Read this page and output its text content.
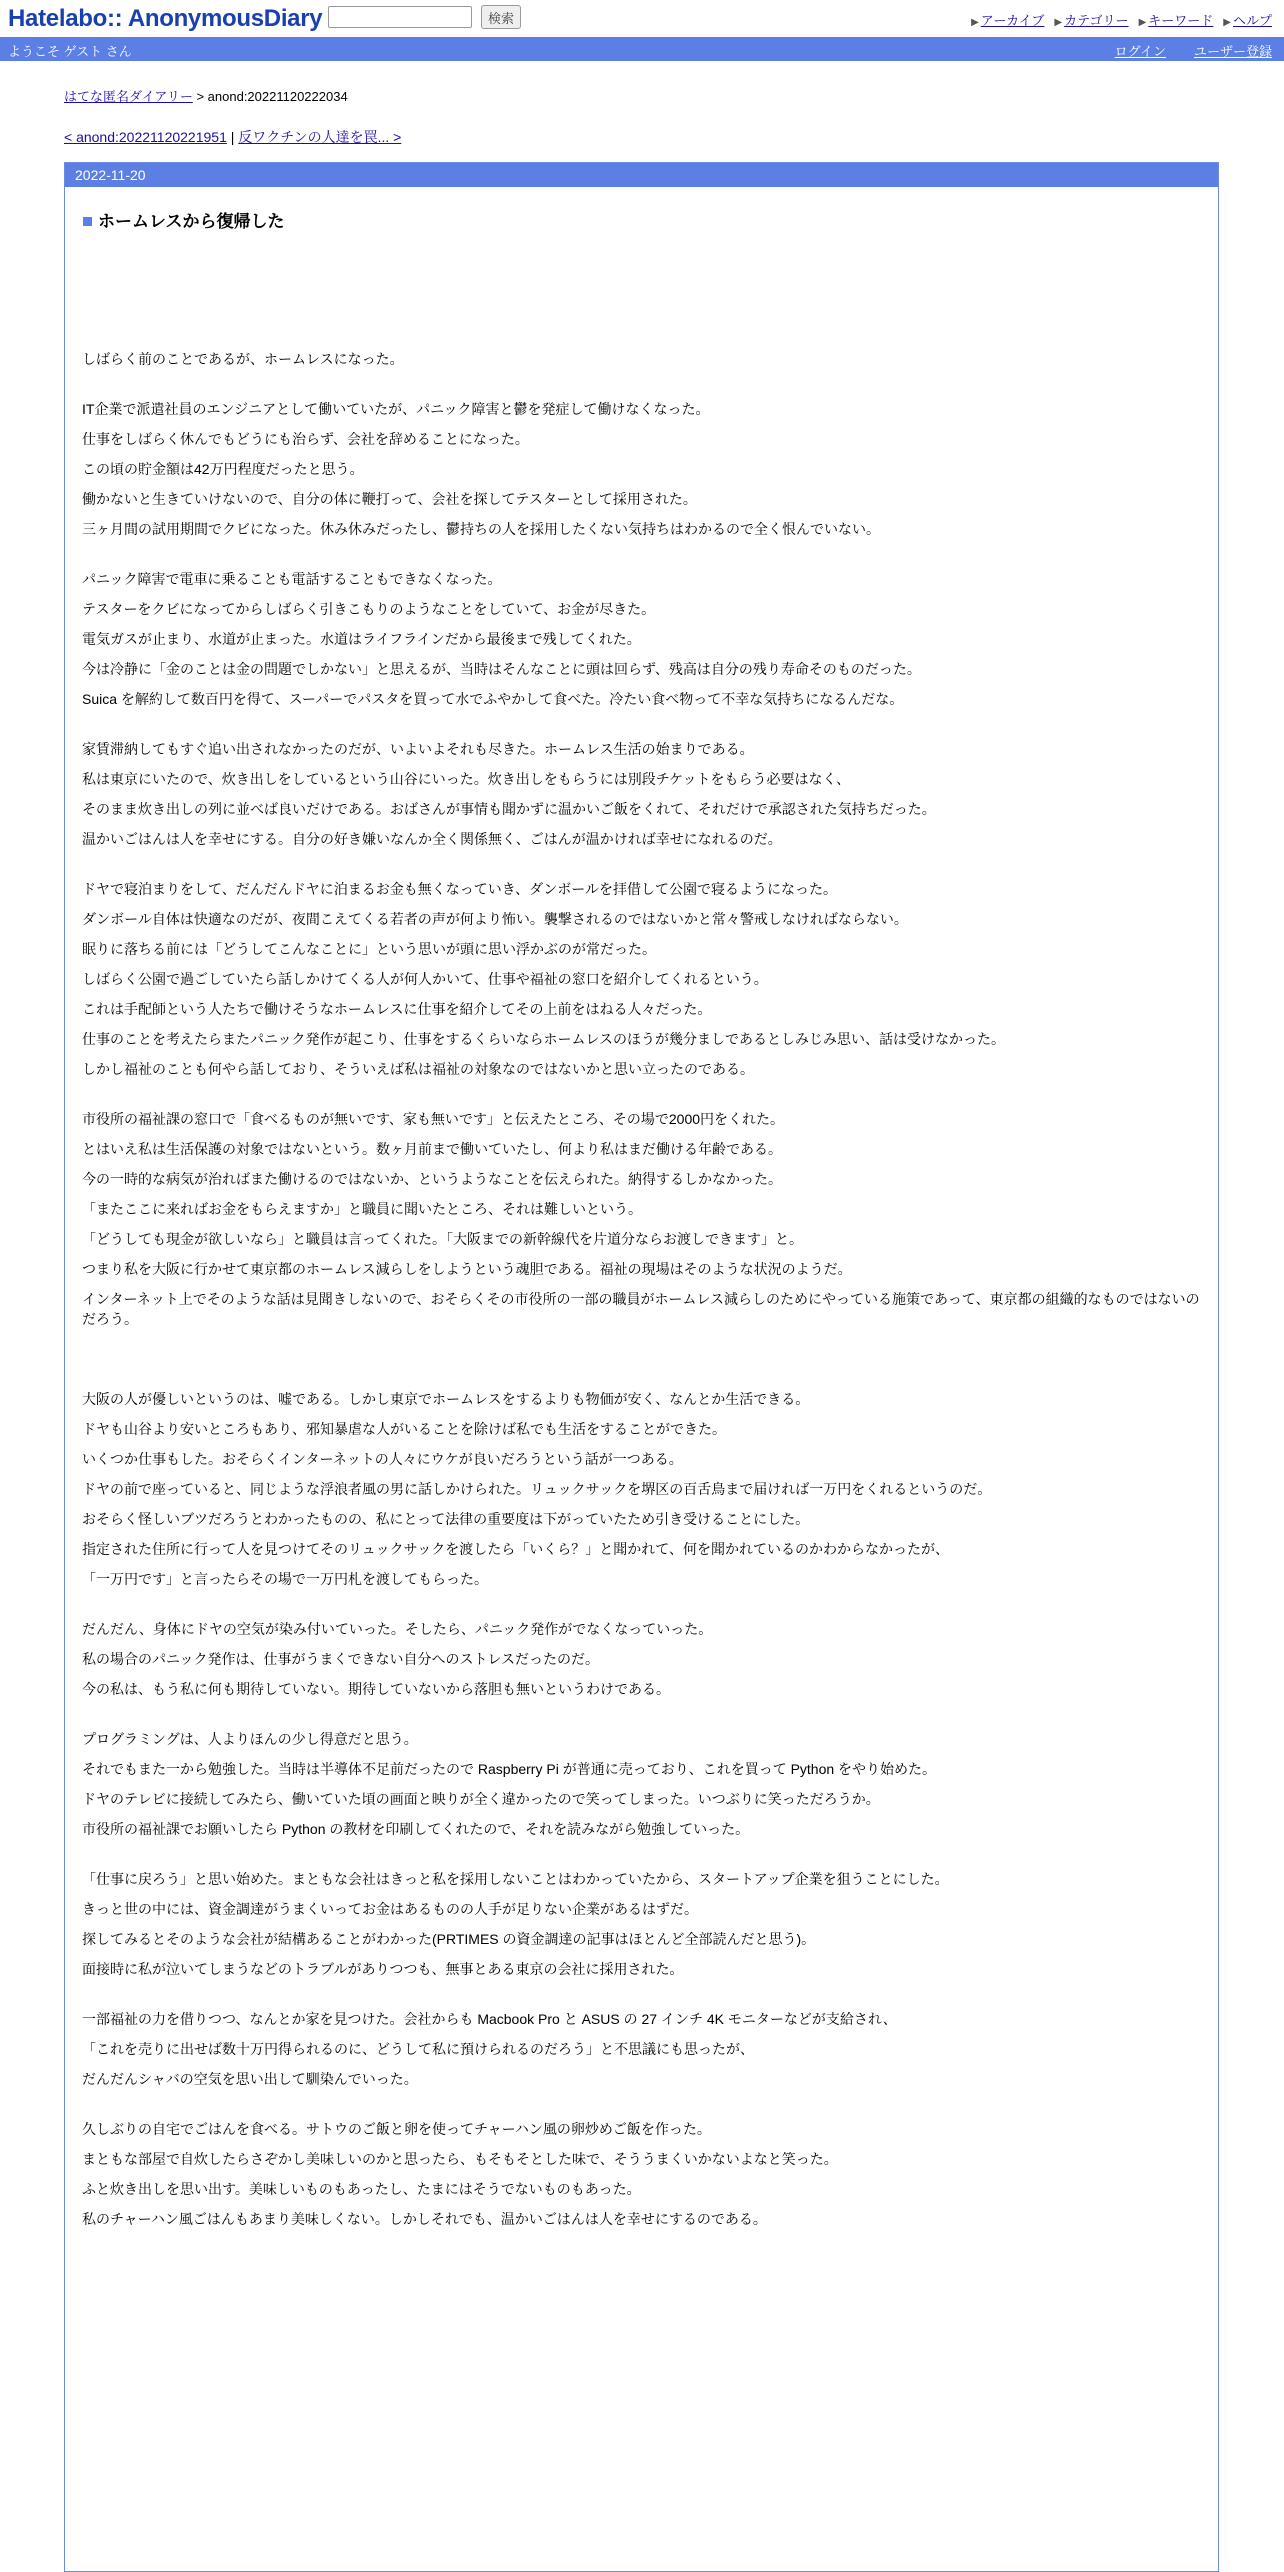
Hatelabo:: AnonymousDiary	検索	▶ アーカイブ ▶ カテゴリー ▶ キーワード ▶ ヘルプ
ようこそ ゲスト さん	ログイン ユーザー登録
はてな匿名ダイアリー > anond:20221120222034
< anond:20221120221951 | 反ワクチンの人達を罠... >
2022-11-20
ホームレスから復帰した

しばらく前のことであるが、ホームレスになった。

IT企業で派遣社員のエンジニアとして働いていたが、パニック障害と鬱を発症して働けなくなった。

仕事をしばらく休んでもどうにも治らず、会社を辞めることになった。

この頃の貯金額は42万円程度だったと思う。

働かないと生きていけないので、自分の体に鞭打って、会社を探してテスターとして採用された。

三ヶ月間の試用期間でクビになった。休み休みだったし、鬱持ちの人を採用したくない気持ちはわかるので全く恨んでいない。

パニック障害で電車に乗ることも電話することもできなくなった。

テスターをクビになってからしばらく引きこもりのようなことをしていて、お金が尽きた。

電気ガスが止まり、水道が止まった。水道はライフラインだから最後まで残してくれた。

今は冷静に「金のことは金の問題でしかない」と思えるが、当時はそんなことに頭は回らず、残高は自分の残り寿命そのものだった。

Suica を解約して数百円を得て、スーパーでパスタを買って水でふやかして食べた。冷たい食べ物って不幸な気持ちになるんだな。

家賃滞納してもすぐ追い出されなかったのだが、いよいよそれも尽きた。ホームレス生活の始まりである。

私は東京にいたので、炊き出しをしているという山谷にいった。炊き出しをもらうには別段チケットをもらう必要はなく、

そのまま炊き出しの列に並べば良いだけである。おばさんが事情も聞かずに温かいご飯をくれて、それだけで承認された気持ちだった。

温かいごはんは人を幸せにする。自分の好き嫌いなんか全く関係無く、ごはんが温かければ幸せになれるのだ。

ドヤで寝泊まりをして、だんだんドヤに泊まるお金も無くなっていき、ダンボールを拝借して公園で寝るようになった。

ダンボール自体は快適なのだが、夜間こえてくる若者の声が何より怖い。襲撃されるのではないかと常々警戒しなければならない。

眠りに落ちる前には「どうしてこんなことに」という思いが頭に思い浮かぶのが常だった。

しばらく公園で過ごしていたら話しかけてくる人が何人かいて、仕事や福祉の窓口を紹介してくれるという。

これは手配師という人たちで働けそうなホームレスに仕事を紹介してその上前をはねる人々だった。

仕事のことを考えたらまたパニック発作が起こり、仕事をするくらいならホームレスのほうが幾分ましであるとしみじみ思い、話は受けなかった。

しかし福祉のことも何やら話しており、そういえば私は福祉の対象なのではないかと思い立ったのである。

市役所の福祉課の窓口で「食べるものが無いです、家も無いです」と伝えたところ、その場で2000円をくれた。

とはいえ私は生活保護の対象ではないという。数ヶ月前まで働いていたし、何より私はまだ働ける年齢である。

今の一時的な病気が治ればまた働けるのではないか、というようなことを伝えられた。納得するしかなかった。

「またここに来ればお金をもらえますか」と職員に聞いたところ、それは難しいという。

「どうしても現金が欲しいなら」と職員は言ってくれた。「大阪までの新幹線代を片道分ならお渡しできます」と。

つまり私を大阪に行かせて東京都のホームレス減らしをしようという魂胆である。福祉の現場はそのような状況のようだ。

インターネット上でそのような話は見聞きしないので、おそらくその市役所の一部の職員がホームレス減らしのためにやっている施策であって、東京都の組織的なものではないのだろう。

大阪の人が優しいというのは、嘘である。しかし東京でホームレスをするよりも物価が安く、なんとか生活できる。

ドヤも山谷より安いところもあり、邪知暴虐な人がいることを除けば私でも生活をすることができた。

いくつか仕事もした。おそらくインターネットの人々にウケが良いだろうという話が一つある。

ドヤの前で座っていると、同じような浮浪者風の男に話しかけられた。リュックサックを堺区の百舌鳥まで届ければ一万円をくれるというのだ。

おそらく怪しいブツだろうとわかったものの、私にとって法律の重要度は下がっていたため引き受けることにした。

指定された住所に行って人を見つけてそのリュックサックを渡したら「いくら？」と聞かれて、何を聞かれているのかわからなかったが、

「一万円です」と言ったらその場で一万円札を渡してもらった。

だんだん、身体にドヤの空気が染み付いていった。そしたら、パニック発作がでなくなっていった。

私の場合のパニック発作は、仕事がうまくできない自分へのストレスだったのだ。

今の私は、もう私に何も期待していない。期待していないから落胆も無いというわけである。

プログラミングは、人よりほんの少し得意だと思う。

それでもまた一から勉強した。当時は半導体不足前だったので Raspberry Pi が普通に売っており、これを買って Python をやり始めた。

ドヤのテレビに接続してみたら、働いていた頃の画面と映りが全く違かったので笑ってしまった。いつぶりに笑っただろうか。

市役所の福祉課でお願いしたら Python の教材を印刷してくれたので、それを読みながら勉強していった。

「仕事に戻ろう」と思い始めた。まともな会社はきっと私を採用しないことはわかっていたから、スタートアップ企業を狙うことにした。

きっと世の中には、資金調達がうまくいってお金はあるものの人手が足りない企業があるはずだ。

探してみるとそのような会社が結構あることがわかった(PRTIMES の資金調達の記事はほとんど全部読んだと思う)。

面接時に私が泣いてしまうなどのトラブルがありつつも、無事とある東京の会社に採用された。

一部福祉の力を借りつつ、なんとか家を見つけた。会社からも Macbook Pro と ASUS の 27 インチ 4K モニターなどが支給され、

「これを売りに出せば数十万円得られるのに、どうして私に預けられるのだろう」と不思議にも思ったが、

だんだんシャバの空気を思い出して馴染んでいった。

久しぶりの自宅でごはんを食べる。サトウのご飯と卵を使ってチャーハン風の卵炒めご飯を作った。

まともな部屋で自炊したらさぞかし美味しいのかと思ったら、もそもそとした味で、そううまくいかないよなと笑った。

ふと炊き出しを思い出す。美味しいものもあったし、たまにはそうでないものもあった。

私のチャーハン風ごはんもあまり美味しくない。しかしそれでも、温かいごはんは人を幸せにするのである。
